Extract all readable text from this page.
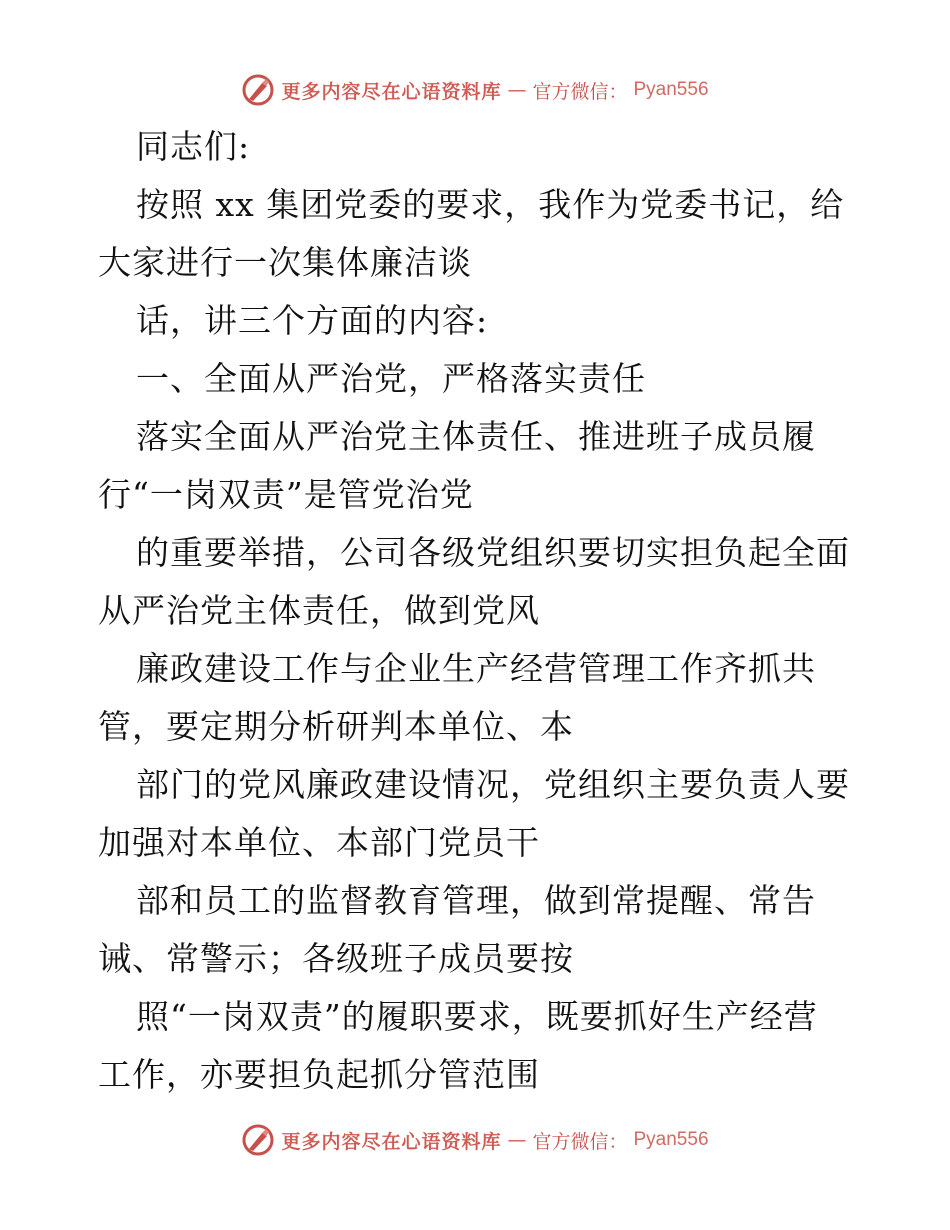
更多内容尽在心语资料库 — 官方微信： Pyan556

同志们:

按照 xx 集团党委的要求，我作为党委书记，给

大家进行一次集体廉洁谈

话，讲三个方面的内容:

一、全面从严治党，严格落实责任

落实全面从严治党主体责任、推进班子成员履

行“一岗双责”是管党治党

的重要举措，公司各级党组织要切实担负起全面

从严治党主体责任，做到党风

廉政建设工作与企业生产经营管理工作齐抓共

管，要定期分析研判本单位、本

部门的党风廉政建设情况，党组织主要负责人要

加强对本单位、本部门党员干

部和员工的监督教育管理，做到常提醒、常告

诫、常警示；各级班子成员要按

照“一岗双责”的履职要求，既要抓好生产经营

工作，亦要担负起抓分管范围

更多内容尽在心语资料库 — 官方微信： Pyan556
